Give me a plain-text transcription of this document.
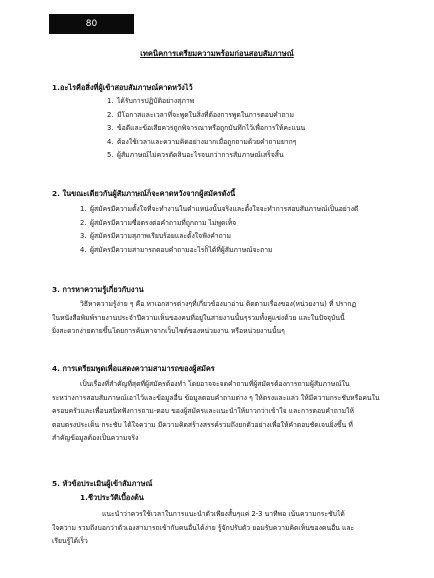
80
เทคนิคการเตรียมความพร้อมก่อนสอบสัมภาษณ์
1.อะไรคือสิ่งที่ผู้เข้าสอบสัมภาษณ์คาดหวังไว้
1. ได้รับการปฏิบัติอย่างสุภาพ
2. มีโอกาสและเวลาที่จะพูดในสิ่งที่ต้องการพูดในการตอบคำถาม
3. ข้อดีและข้อเสียควรถูกพิจารณาหรือถูกบันทึกไว้เพื่อการให้คะแนน
4. ต้องใช้เวลาและความคิดอย่างมากเมื่อถูกถามด้วยคำถามยากๆ
5. ผู้สัมภาษณ์ไม่ควรตัดสินอะไรจนกว่าการสัมภาษณ์เสร็จสิ้น
2. ในขณะเดียวกันผู้สัมภาษณ์ก็จะคาดหวังจากผู้สมัครดังนี้
1. ผู้สมัครมีความตั้งใจที่จะทำงานในตำแหน่งนั้นจริงและตั้งใจจะทำการสอบสัมภาษณ์เป็นอย่างดี
2. ผู้สมัครมีความซื่อตรงต่อคำถามที่ถูกถาม ไม่พูดเท็จ
3. ผู้สมัครมีความสุภาพเรียบร้อยและตั้งใจฟังคำถาม
4. ผู้สมัครมีความสามารถตอบคำถามอะไรก็ได้ที่ผู้สัมภาษณ์จะถาม
3. การหาความรู้เกี่ยวกับงาน
วิธีหาความรู้ง่าย ๆ คือ หาเอกสารต่างๆที่เกี่ยวข้องมาอ่าน ติดตามเรื่องของ(หน่วยงาน) ที่ ปรากฏ
ในหนังสือพิมพ์รายงานประจำปีความเห็นของคนที่อยู่ในสายงานนั้นๆรวมทั้งคู่แข่งด้วย และในปัจจุบันนี้
ยิ่งสะดวกง่ายดายขึ้นโดยการค้นหาจากเว็บไซต์ของหน่วยงาน หรือหน่วยงานนั้นๆ
4. การเตรียมพูดเพื่อแสดงความสามารถของผู้สมัคร
เป็นเรื่องที่สำคัญที่สุดที่ผู้สมัครต้องทำ โดยอาจจะจดคำถามที่ผู้สมัครต้องการถามผู้สัมภาษณ์ใน
ระหว่างการสอบสัมภาษณ์เอาไว้และข้อมูลอื่น ข้อมูลตอบคำถามต่าง ๆ ให้ตรงและแล่ว ให้มีความกระชับหรือคนใน
ครอบครัวและเพื่อนสนิทฟังการถาม-ตอบ ของผู้สมัครและแนะนำให้ยาวกว่าเข้าใจ และการตอบคำถามให้
ตอบตรงประเด็น กระชับ ได้ใจความ มีความคิดสร้างสรรค์รวมถึงยกตัวอย่างเพื่อให้คำตอบชัดเจนยิ่งขึ้น ที่
สำคัญข้อมูลต้องเป็นความจริง
5. หัวข้อประเมินผู้เข้าสัมภาษณ์
1.ชีวประวัติเบื้องต้น
แนะนำว่าควรใช้เวลาในการแนะนำตัวเพียงสั้นๆแค่ 2-3 นาทีพอ เน้นความกระชับได้
ใจความ รวมถึงบอกว่าตัวเองสามารถเข้ากับคนอื่นได้ง่าย รู้จักปรับตัว ยอมรับความคิดเห็นของคนอื่น และ
เรียนรู้ได้เร็ว
